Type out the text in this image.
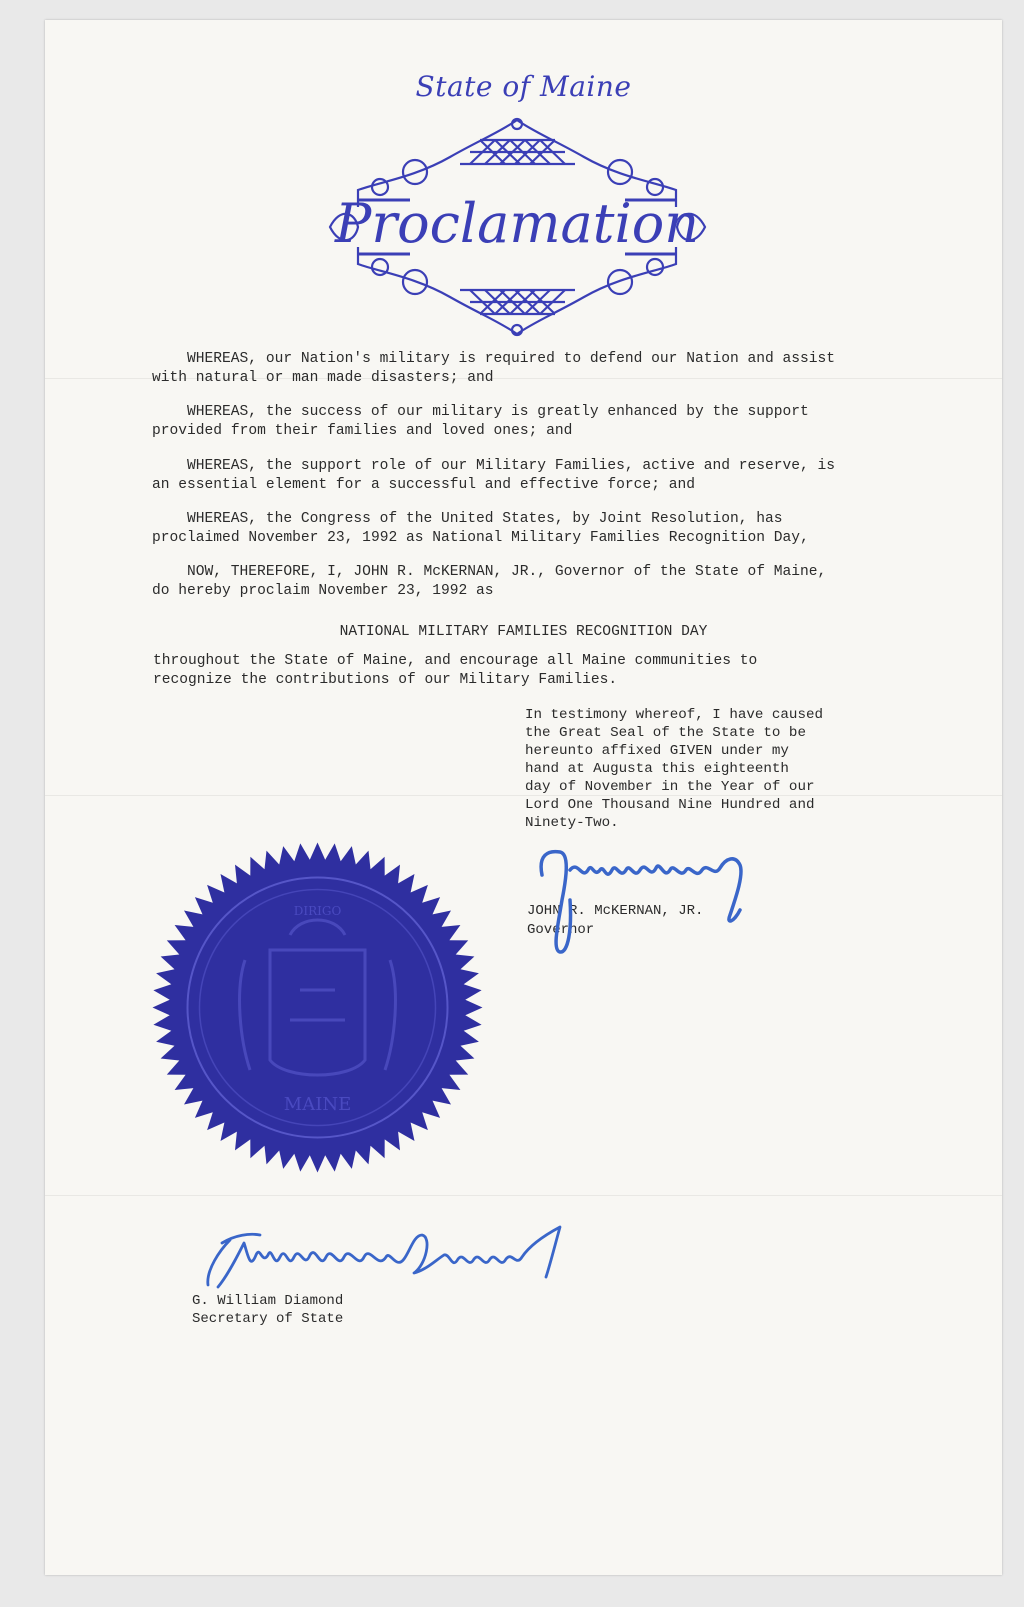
State of Maine
Proclamation
WHEREAS, our Nation's military is required to defend our Nation and assist
with natural or man made disasters; and
WHEREAS, the success of our military is greatly enhanced by the support
provided from their families and loved ones; and
WHEREAS, the support role of our Military Families, active and reserve, is
an essential element for a successful and effective force; and
WHEREAS, the Congress of the United States, by Joint Resolution, has
proclaimed November 23, 1992 as National Military Families Recognition Day,
NOW, THEREFORE, I, JOHN R. McKERNAN, JR., Governor of the State of Maine,
do hereby proclaim November 23, 1992 as
NATIONAL MILITARY FAMILIES RECOGNITION DAY
throughout the State of Maine, and encourage all Maine communities to
recognize the contributions of our Military Families.
In testimony whereof, I have caused
the Great Seal of the State to be
hereunto affixed GIVEN under my
hand at Augusta this eighteenth
day of November in the Year of our
Lord One Thousand Nine Hundred and
Ninety-Two.
JOHN R. McKERNAN, JR.
Governor
MAINE
DIRIGO
G. William Diamond
Secretary of State
